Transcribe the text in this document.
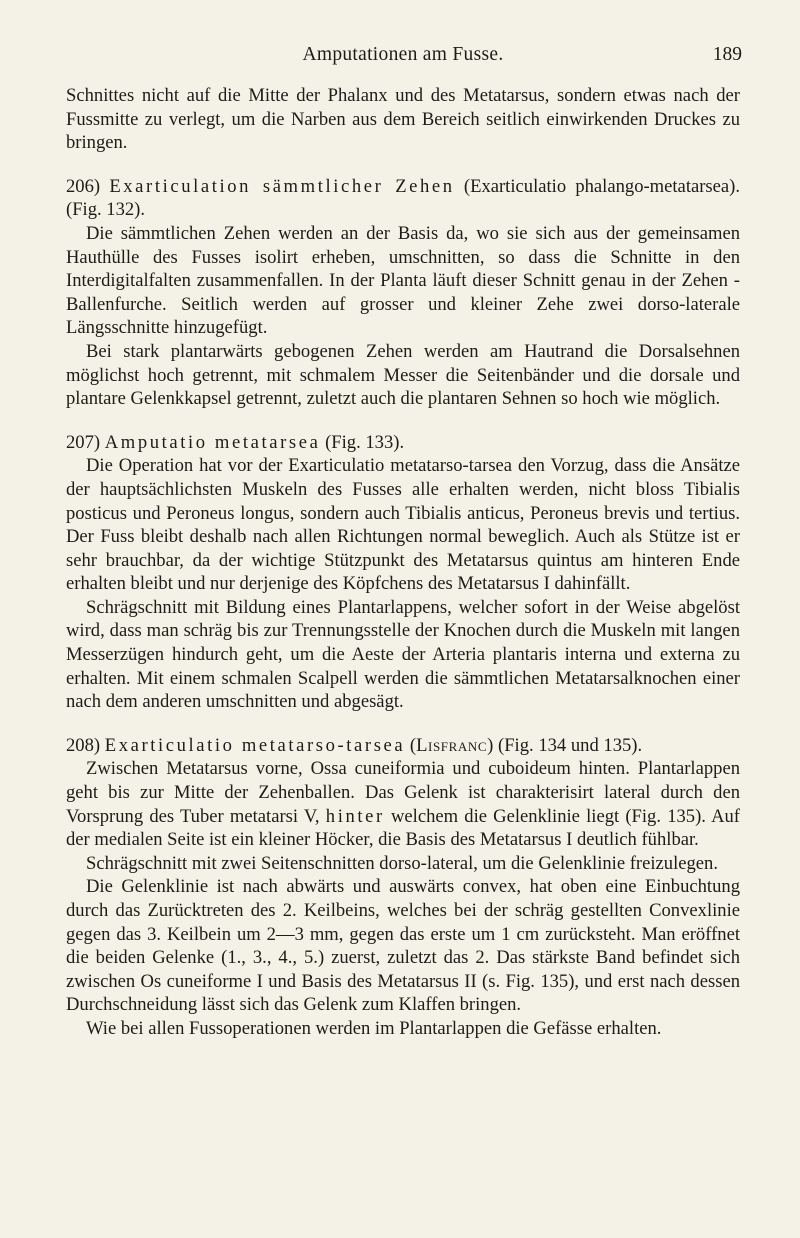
Amputationen am Fusse.	189

Schnittes nicht auf die Mitte der Phalanx und des Metatarsus, sondern etwas nach der Fussmitte zu verlegt, um die Narben aus dem Bereich seitlich einwirkenden Druckes zu bringen.

206) Exarticulation sämmtlicher Zehen (Exarticulatio phalango-metatarsea). (Fig. 132).

Die sämmtlichen Zehen werden an der Basis da, wo sie sich aus der gemeinsamen Hauthülle des Fusses isolirt erheben, umschnitten, so dass die Schnitte in den Interdigitalfalten zusammenfallen. In der Planta läuft dieser Schnitt genau in der Zehen - Ballenfurche. Seitlich werden auf grosser und kleiner Zehe zwei dorso-laterale Längsschnitte hinzugefügt.

Bei stark plantarwärts gebogenen Zehen werden am Hautrand die Dorsalsehnen möglichst hoch getrennt, mit schmalem Messer die Seitenbänder und die dorsale und plantare Gelenkkapsel getrennt, zuletzt auch die plantaren Sehnen so hoch wie möglich.

207) Amputatio metatarsea (Fig. 133).

Die Operation hat vor der Exarticulatio metatarso-tarsea den Vorzug, dass die Ansätze der hauptsächlichsten Muskeln des Fusses alle erhalten werden, nicht bloss Tibialis posticus und Peroneus longus, sondern auch Tibialis anticus, Peroneus brevis und tertius. Der Fuss bleibt deshalb nach allen Richtungen normal beweglich. Auch als Stütze ist er sehr brauchbar, da der wichtige Stützpunkt des Metatarsus quintus am hinteren Ende erhalten bleibt und nur derjenige des Köpfchens des Metatarsus I dahinfällt.

Schrägschnitt mit Bildung eines Plantarlappens, welcher sofort in der Weise abgelöst wird, dass man schräg bis zur Trennungsstelle der Knochen durch die Muskeln mit langen Messerzügen hindurch geht, um die Aeste der Arteria plantaris interna und externa zu erhalten. Mit einem schmalen Scalpell werden die sämmtlichen Metatarsalknochen einer nach dem anderen umschnitten und abgesägt.

208) Exarticulatio metatarso-tarsea (Lisfranc) (Fig. 134 und 135).

Zwischen Metatarsus vorne, Ossa cuneiformia und cuboideum hinten. Plantarlappen geht bis zur Mitte der Zehenballen. Das Gelenk ist charakterisirt lateral durch den Vorsprung des Tuber metatarsi V, hinter welchem die Gelenklinie liegt (Fig. 135). Auf der medialen Seite ist ein kleiner Höcker, die Basis des Metatarsus I deutlich fühlbar.

Schrägschnitt mit zwei Seitenschnitten dorso-lateral, um die Gelenklinie freizulegen.

Die Gelenklinie ist nach abwärts und auswärts convex, hat oben eine Einbuchtung durch das Zurücktreten des 2. Keilbeins, welches bei der schräg gestellten Convexlinie gegen das 3. Keilbein um 2—3 mm, gegen das erste um 1 cm zurücksteht. Man eröffnet die beiden Gelenke (1., 3., 4., 5.) zuerst, zuletzt das 2. Das stärkste Band befindet sich zwischen Os cuneiforme I und Basis des Metatarsus II (s. Fig. 135), und erst nach dessen Durchschneidung lässt sich das Gelenk zum Klaffen bringen.

Wie bei allen Fussoperationen werden im Plantarlappen die Gefässe erhalten.
